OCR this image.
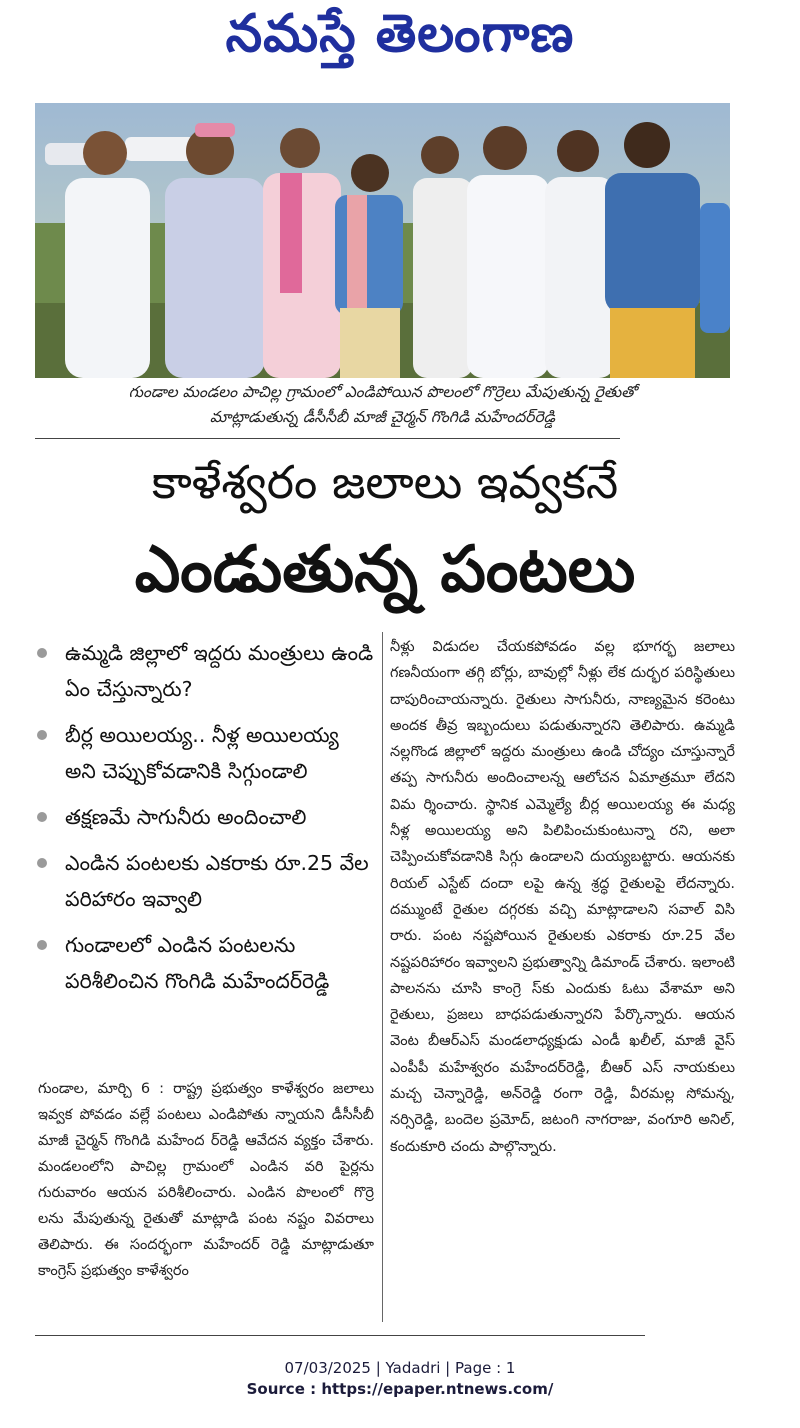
నమస్తే తెలంగాణ
గుండాల మండలం పాచిల్ల గ్రామంలో ఎండిపోయిన పొలంలో గొర్రెలు మేపుతున్న రైతుతో
మాట్లాడుతున్న డీసీసీబీ మాజీ చైర్మన్ గొంగిడి మహేందర్‌రెడ్డి
కాళేశ్వరం జలాలు ఇవ్వకనే
ఎండుతున్న పంటలు
ఉమ్మడి జిల్లాలో ఇద్దరు మంత్రులు ఉండి ఏం చేస్తున్నారు?
బీర్ల అయిలయ్య.. నీళ్ల అయిలయ్య అని చెప్పుకోవడానికి సిగ్గుండాలి
తక్షణమే సాగునీరు అందించాలి
ఎండిన పంటలకు ఎకరాకు రూ.25 వేల పరిహారం ఇవ్వాలి
గుండాలలో ఎండిన పంటలను పరిశీలించిన గొంగిడి మహేందర్‌రెడ్డి
గుండాల, మార్చి 6 : రాష్ట్ర ప్రభుత్వం కాళేశ్వరం జలాలు ఇవ్వక పోవడం వల్లే పంటలు ఎండిపోతు న్నాయని డీసీసీబీ మాజీ చైర్మన్ గొంగిడి మహేంద ర్‌రెడ్డి ఆవేదన వ్యక్తం చేశారు. మండలంలోని పాచిల్ల గ్రామంలో ఎండిన వరి పైర్లను గురువారం ఆయన పరిశీలించారు. ఎండిన పొలంలో గొర్రె లను మేపుతున్న రైతుతో మాట్లాడి పంట నష్టం వివరాలు తెలిపారు. ఈ సందర్భంగా మహేందర్ రెడ్డి మాట్లాడుతూ కాంగ్రెస్ ప్రభుత్వం కాళేశ్వరం
నీళ్లు విడుదల చేయకపోవడం వల్ల భూగర్భ జలాలు గణనీయంగా తగ్గి బోర్లు, బావుల్లో నీళ్లు లేక దుర్భర పరిస్థితులు దాపురించాయన్నారు. రైతులు సాగునీరు, నాణ్యమైన కరెంటు అందక తీవ్ర ఇబ్బందులు పడుతున్నారని తెలిపారు. ఉమ్మడి నల్లగొండ జిల్లాలో ఇద్దరు మంత్రులు ఉండి చోద్యం చూస్తున్నారే తప్ప సాగునీరు అందించాలన్న ఆలోచన ఏమాత్రమూ లేదని విమ ర్శించారు. స్థానిక ఎమ్మెల్యే బీర్ల అయిలయ్య ఈ మధ్య నీళ్ల అయిలయ్య అని పిలిపించుకుంటున్నా రని, అలా చెప్పించుకోవడానికి సిగ్గు ఉండాలని దుయ్యబట్టారు. ఆయనకు రియల్ ఎస్టేట్ దందా లపై ఉన్న శ్రద్ధ రైతులపై లేదన్నారు. దమ్ముంటే రైతుల దగ్గరకు వచ్చి మాట్లాడాలని సవాల్ విసి రారు. పంట నష్టపోయిన రైతులకు ఎకరాకు రూ.25 వేల నష్టపరిహారం ఇవ్వాలని ప్రభుత్వాన్ని డిమాండ్ చేశారు. ఇలాంటి పాలనను చూసి కాంగ్రె స్‌కు ఎందుకు ఓటు వేశామా అని రైతులు, ప్రజలు బాధపడుతున్నారని పేర్కొన్నారు. ఆయన వెంట బీఆర్‌ఎస్ మండలాధ్యక్షుడు ఎండీ ఖలీల్, మాజీ వైస్ ఎంపీపీ మహేశ్వరం మహేందర్‌రెడ్డి, బీఆర్ ఎస్ నాయకులు మచ్చ చెన్నారెడ్డి, అన్‌రెడ్డి రంగా రెడ్డి, వీరమల్ల సోమన్న, నర్సిరెడ్డి, బందెల ప్రమోద్, జటంగి నాగరాజు, వంగూరి అనిల్, కందుకూరి చందు పాల్గొన్నారు.
07/03/2025 | Yadadri | Page : 1
Source : https://epaper.ntnews.com/
